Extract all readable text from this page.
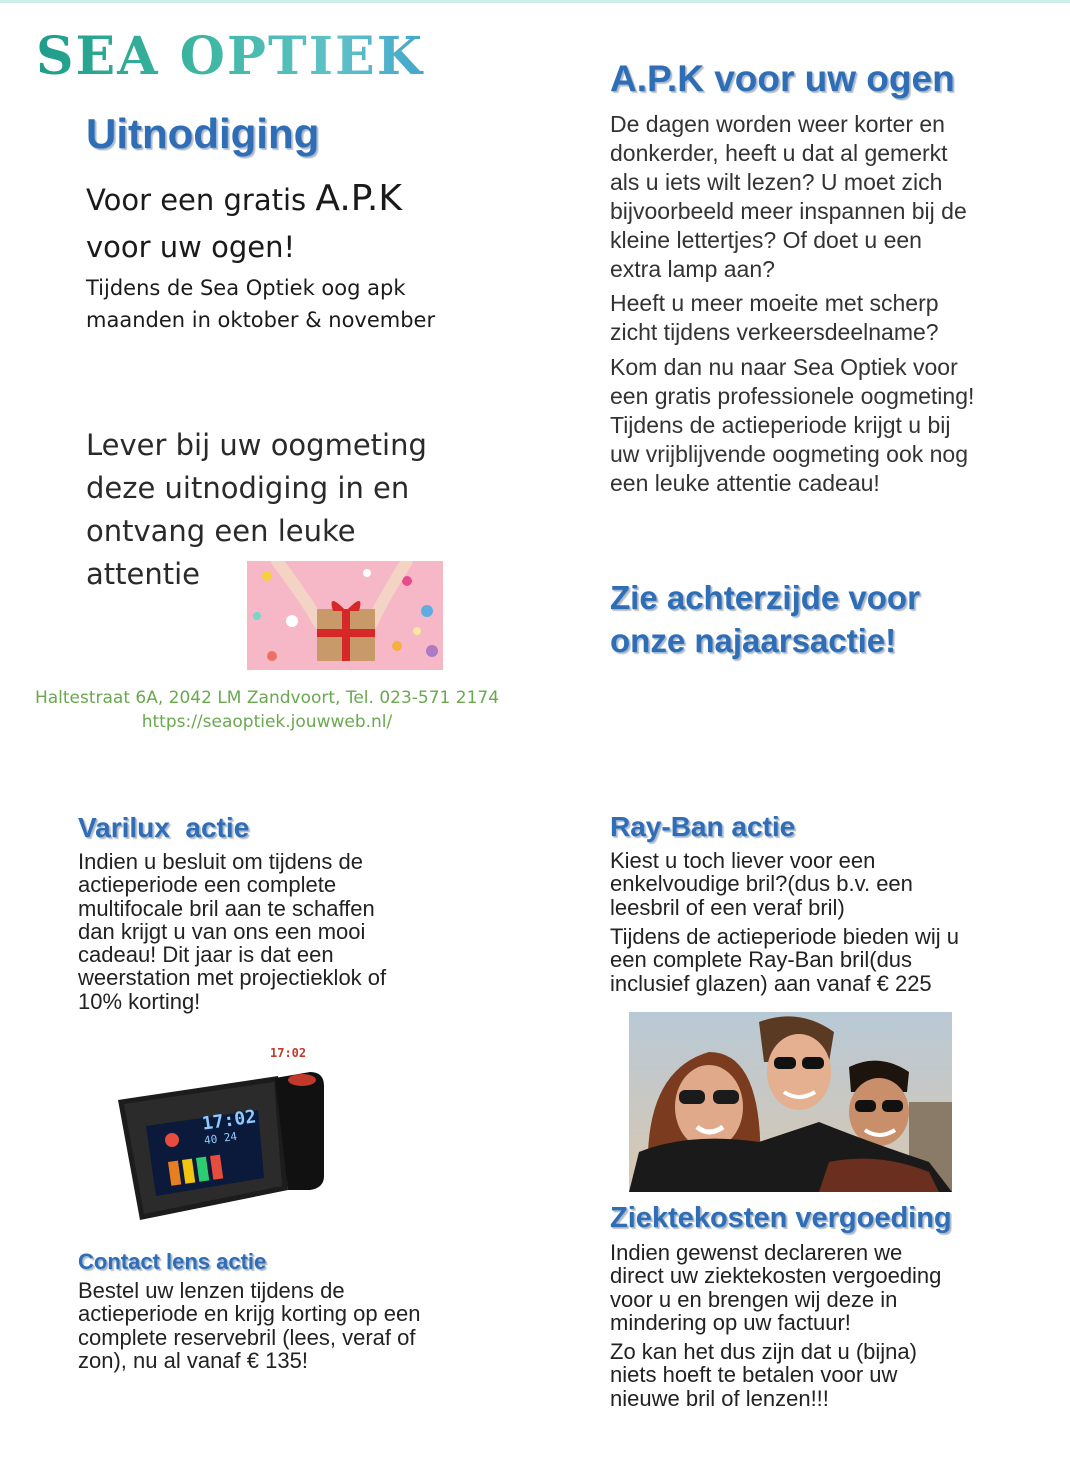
SEA OPTIEK
Uitnodiging
Voor een gratis A.P.K
voor uw ogen!
Tijdens de Sea Optiek oog apk
maanden in oktober & november
Lever bij uw oogmeting
deze uitnodiging in en
ontvang een leuke
attentie
Haltestraat 6A, 2042 LM Zandvoort, Tel. 023-571 2174
https://seaoptiek.jouwweb.nl/
A.P.K voor uw ogen
De dagen worden weer korter en
donkerder, heeft u dat al gemerkt
als u iets wilt lezen? U moet zich
bijvoorbeeld meer inspannen bij de
kleine lettertjes? Of doet u een
extra lamp aan?
Heeft u meer moeite met scherp
zicht tijdens verkeersdeelname?
Kom dan nu naar Sea Optiek voor
een gratis professionele oogmeting!
Tijdens de actieperiode krijgt u bij
uw vrijblijvende oogmeting ook nog
een leuke attentie cadeau!
Zie achterzijde voor
onze najaarsactie!
Varilux  actie
Indien u besluit om tijdens de
actieperiode een complete
multifocale bril aan te schaffen
dan krijgt u van ons een mooi
cadeau! Dit jaar is dat een
weerstation met projectieklok of
10% korting!
17:02
17:02
40 24
Contact lens actie
Bestel uw lenzen tijdens de
actieperiode en krijg korting op een
complete reservebril (lees, veraf of
zon), nu al vanaf € 135!
Ray-Ban actie
Kiest u toch liever voor een
enkelvoudige bril?(dus b.v. een
leesbril of een veraf bril)
Tijdens de actieperiode bieden wij u
een complete Ray-Ban bril(dus
inclusief glazen) aan vanaf € 225
Ziektekosten vergoeding
Indien gewenst declareren we
direct uw ziektekosten vergoeding
voor u en brengen wij deze in
mindering op uw factuur!
Zo kan het dus zijn dat u (bijna)
niets hoeft te betalen voor uw
nieuwe bril of lenzen!!!
